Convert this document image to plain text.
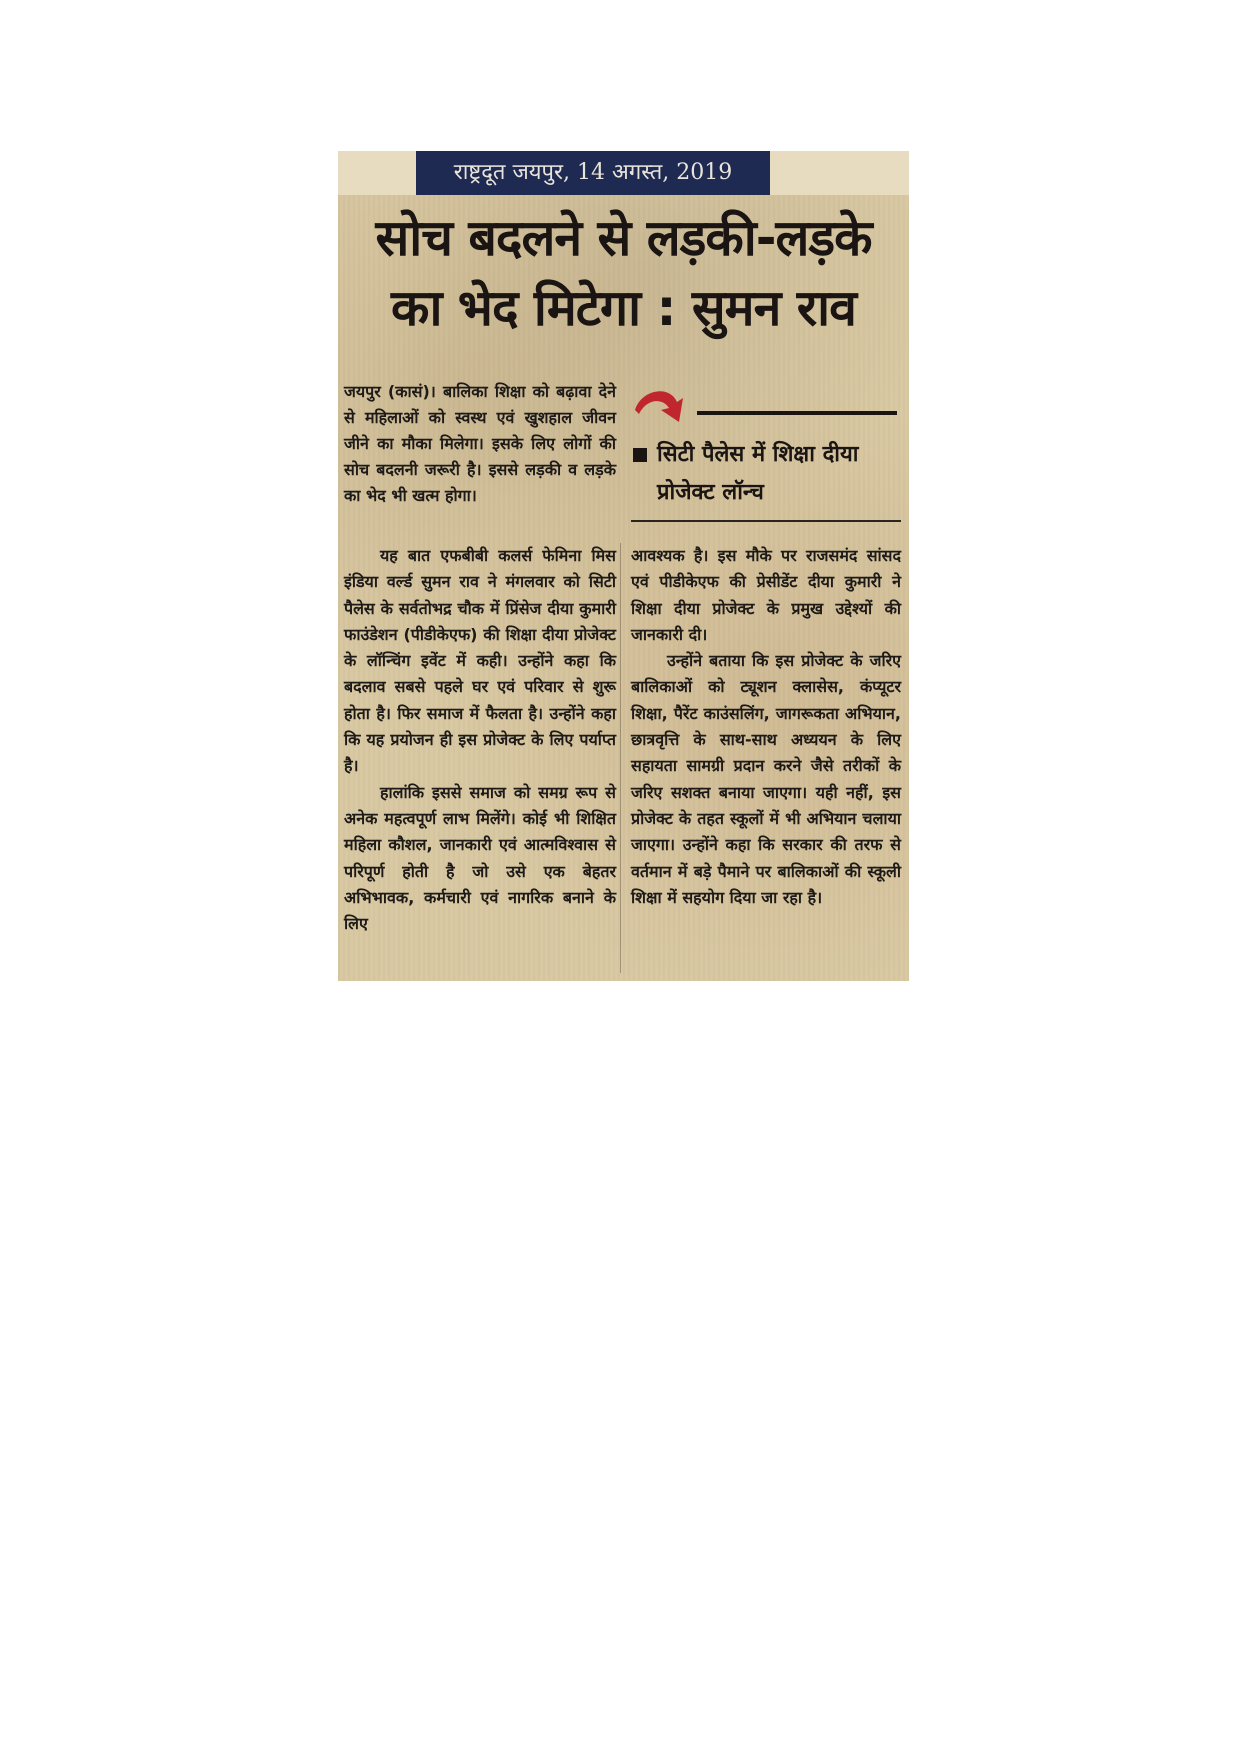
राष्ट्रदूत जयपुर, 14 अगस्त, 2019
सोच बदलने से लड़की-लड़के
का भेद मिटेगा : सुमन राव
जयपुर (कासं)। बालिका शिक्षा को बढ़ावा देने से महिलाओं को स्वस्थ एवं खुशहाल जीवन जीने का मौका मिलेगा। इसके लिए लोगों की सोच बदलनी जरूरी है। इससे लड़की व लड़के का भेद भी खत्म होगा।
सिटी पैलेस में शिक्षा दीया प्रोजेक्ट लॉन्च

यह बात एफबीबी कलर्स फेमिना मिस इंडिया वर्ल्ड सुमन राव ने मंगलवार को सिटी पैलेस के सर्वतोभद्र चौक में प्रिंसेज दीया कुमारी फाउंडेशन (पीडीकेएफ) की शिक्षा दीया प्रोजेक्ट के लॉन्चिंग इवेंट में कही। उन्होंने कहा कि बदलाव सबसे पहले घर एवं परिवार से शुरू होता है। फिर समाज में फैलता है। उन्होंने कहा कि यह प्रयोजन ही इस प्रोजेक्ट के लिए पर्याप्त है।

हालांकि इससे समाज को समग्र रूप से अनेक महत्वपूर्ण लाभ मिलेंगे। कोई भी शिक्षित महिला कौशल, जानकारी एवं आत्मविश्वास से परिपूर्ण होती है जो उसे एक बेहतर अभिभावक, कर्मचारी एवं नागरिक बनाने के लिए

आवश्यक है। इस मौके पर राजसमंद सांसद एवं पीडीकेएफ की प्रेसीडेंट दीया कुमारी ने शिक्षा दीया प्रोजेक्ट के प्रमुख उद्देश्यों की जानकारी दी।

उन्होंने बताया कि इस प्रोजेक्ट के जरिए बालिकाओं को ट्यूशन क्लासेस, कंप्यूटर शिक्षा, पैरेंट काउंसलिंग, जागरूकता अभियान, छात्रवृत्ति के साथ-साथ अध्ययन के लिए सहायता सामग्री प्रदान करने जैसे तरीकों के जरिए सशक्त बनाया जाएगा। यही नहीं, इस प्रोजेक्ट के तहत स्कूलों में भी अभियान चलाया जाएगा। उन्होंने कहा कि सरकार की तरफ से वर्तमान में बड़े पैमाने पर बालिकाओं की स्कूली शिक्षा में सहयोग दिया जा रहा है।
